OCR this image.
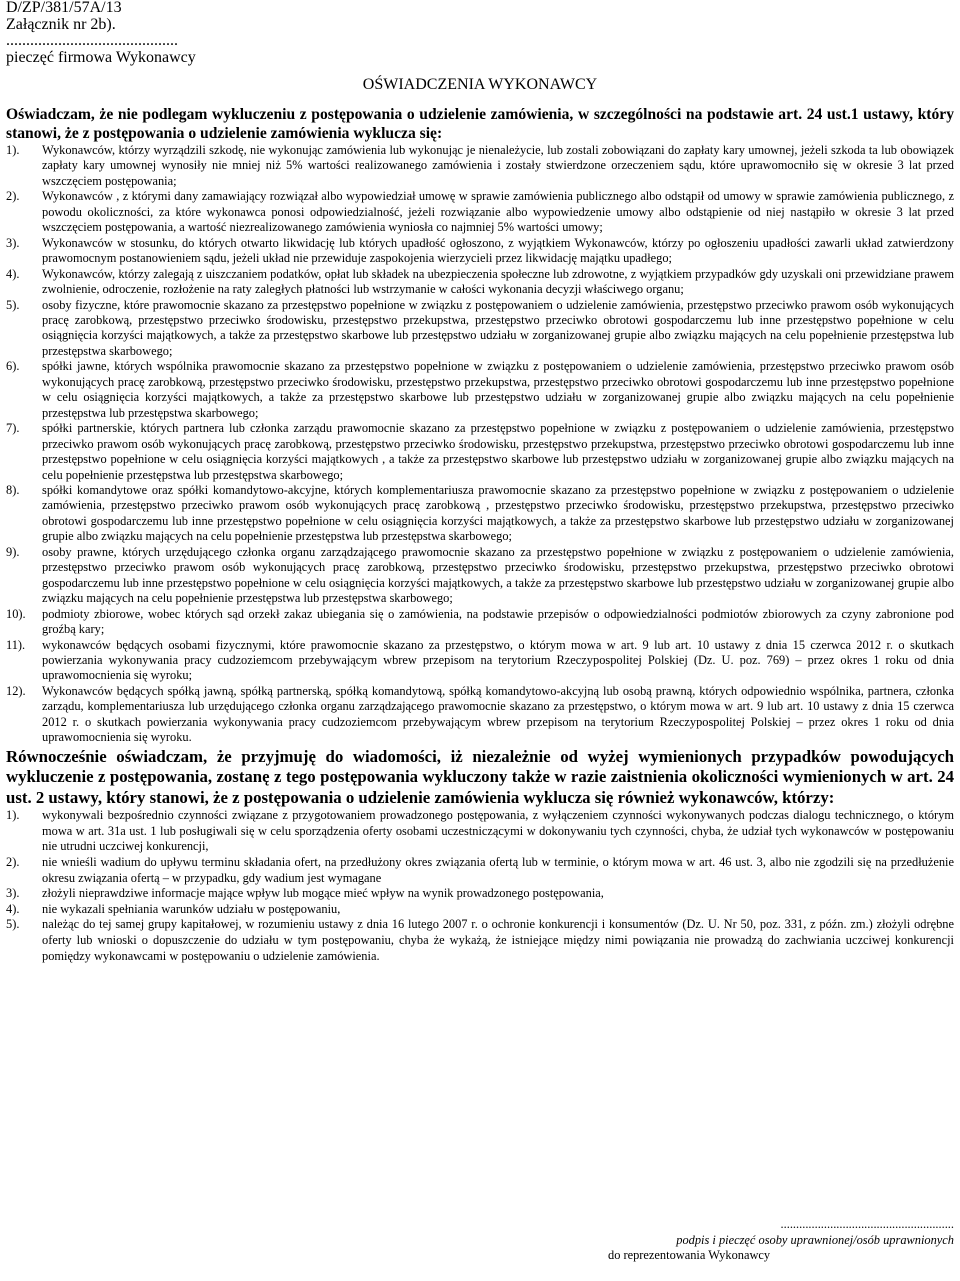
D/ZP/381/57A/13
Załącznik nr 2b).
...........................................
pieczęć firmowa Wykonawcy
OŚWIADCZENIA WYKONAWCY
Oświadczam, że nie podlegam wykluczeniu z postępowania o udzielenie zamówienia, w szczególności na podstawie art. 24 ust.1 ustawy, który stanowi, że z postępowania o udzielenie zamówienia wyklucza się:
1).	Wykonawców, którzy wyrządzili szkodę, nie wykonując zamówienia lub wykonując je nienależycie, lub zostali zobowiązani do zapłaty kary umownej, jeżeli szkoda ta lub obowiązek zapłaty kary umownej wynosiły nie mniej niż 5% wartości realizowanego zamówienia i zostały stwierdzone orzeczeniem sądu, które uprawomocniło się w okresie 3 lat przed wszczęciem postępowania;
2).	Wykonawców , z którymi dany zamawiający rozwiązał albo wypowiedział umowę w sprawie zamówienia publicznego albo odstąpił od umowy w sprawie zamówienia publicznego, z powodu okoliczności, za które wykonawca ponosi odpowiedzialność, jeżeli rozwiązanie albo wypowiedzenie umowy albo odstąpienie od niej nastąpiło w okresie 3 lat przed wszczęciem postępowania, a wartość niezrealizowanego zamówienia wyniosła co najmniej 5% wartości umowy;
3).	Wykonawców w stosunku, do których otwarto likwidację lub których upadłość ogłoszono, z wyjątkiem Wykonawców, którzy po ogłoszeniu upadłości zawarli układ zatwierdzony prawomocnym postanowieniem sądu, jeżeli układ nie przewiduje zaspokojenia wierzycieli przez likwidację majątku upadłego;
4).	Wykonawców, którzy zalegają z uiszczaniem podatków, opłat lub składek na ubezpieczenia społeczne lub zdrowotne, z wyjątkiem przypadków gdy uzyskali oni przewidziane prawem zwolnienie, odroczenie, rozłożenie na raty zaległych płatności lub wstrzymanie w całości wykonania decyzji właściwego organu;
5).	osoby fizyczne, które prawomocnie skazano za przestępstwo popełnione w związku z postępowaniem o udzielenie zamówienia, przestępstwo przeciwko prawom osób wykonujących pracę zarobkową, przestępstwo przeciwko środowisku, przestępstwo przekupstwa, przestępstwo przeciwko obrotowi gospodarczemu lub inne przestępstwo popełnione w celu osiągnięcia korzyści majątkowych, a także za przestępstwo skarbowe lub przestępstwo udziału w zorganizowanej grupie albo związku mających na celu popełnienie przestępstwa lub przestępstwa skarbowego;
6).	spółki jawne, których wspólnika prawomocnie skazano za przestępstwo popełnione w związku z postępowaniem o udzielenie zamówienia, przestępstwo przeciwko prawom osób wykonujących pracę zarobkową, przestępstwo przeciwko środowisku, przestępstwo przekupstwa, przestępstwo przeciwko obrotowi gospodarczemu lub inne przestępstwo popełnione w celu osiągnięcia korzyści majątkowych, a także za przestępstwo skarbowe lub przestępstwo udziału w zorganizowanej grupie albo związku mających na celu popełnienie przestępstwa lub przestępstwa skarbowego;
7).	spółki partnerskie, których partnera lub członka zarządu prawomocnie skazano za przestępstwo popełnione w związku z postępowaniem o udzielenie zamówienia, przestępstwo przeciwko prawom osób wykonujących pracę zarobkową, przestępstwo przeciwko środowisku, przestępstwo przekupstwa, przestępstwo przeciwko obrotowi gospodarczemu lub inne przestępstwo popełnione w celu osiągnięcia korzyści majątkowych , a także za przestępstwo skarbowe lub przestępstwo udziału w zorganizowanej grupie albo związku mających na celu popełnienie przestępstwa lub przestępstwa skarbowego;
8).	spółki komandytowe oraz spółki komandytowo-akcyjne, których komplementariusza prawomocnie skazano za przestępstwo popełnione w związku z postępowaniem o udzielenie zamówienia, przestępstwo przeciwko prawom osób wykonujących pracę zarobkową , przestępstwo przeciwko środowisku, przestępstwo przekupstwa, przestępstwo przeciwko obrotowi gospodarczemu lub inne przestępstwo popełnione w celu osiągnięcia korzyści majątkowych, a także za przestępstwo skarbowe lub przestępstwo udziału w zorganizowanej grupie albo związku mających na celu popełnienie przestępstwa lub przestępstwa skarbowego;
9).	osoby prawne, których urzędującego członka organu zarządzającego prawomocnie skazano za przestępstwo popełnione w związku z postępowaniem o udzielenie zamówienia, przestępstwo przeciwko prawom osób wykonujących pracę zarobkową, przestępstwo przeciwko środowisku, przestępstwo przekupstwa, przestępstwo przeciwko obrotowi gospodarczemu lub inne przestępstwo popełnione w celu osiągnięcia korzyści majątkowych, a także za przestępstwo skarbowe lub przestępstwo udziału w zorganizowanej grupie albo związku mających na celu popełnienie przestępstwa lub przestępstwa skarbowego;
10).	podmioty zbiorowe, wobec których sąd orzekł zakaz ubiegania się o zamówienia, na podstawie przepisów o odpowiedzialności podmiotów zbiorowych za czyny zabronione pod groźbą kary;
11).	wykonawców będących osobami fizycznymi, które prawomocnie skazano za przestępstwo, o którym mowa w art. 9 lub art. 10 ustawy z dnia 15 czerwca 2012 r. o skutkach powierzania wykonywania pracy cudzoziemcom przebywającym wbrew przepisom na terytorium Rzeczypospolitej Polskiej (Dz. U. poz. 769) – przez okres 1 roku od dnia uprawomocnienia się wyroku;
12).	Wykonawców będących spółką jawną, spółką partnerską, spółką komandytową, spółką komandytowo-akcyjną lub osobą prawną, których odpowiednio wspólnika, partnera, członka zarządu, komplementariusza lub urzędującego członka organu zarządzającego prawomocnie skazano za przestępstwo, o którym mowa w art. 9 lub art. 10 ustawy z dnia 15 czerwca 2012 r. o skutkach powierzania wykonywania pracy cudzoziemcom przebywającym wbrew przepisom na terytorium Rzeczypospolitej Polskiej – przez okres 1 roku od dnia uprawomocnienia się wyroku.
Równocześnie oświadczam, że przyjmuję do wiadomości, iż niezależnie od wyżej wymienionych przypadków powodujących wykluczenie z postępowania, zostanę z tego postępowania wykluczony także w razie zaistnienia okoliczności wymienionych w art. 24 ust. 2 ustawy, który stanowi, że z postępowania o udzielenie zamówienia wyklucza się również wykonawców, którzy:
1).	wykonywali bezpośrednio czynności związane z przygotowaniem prowadzonego postępowania, z wyłączeniem czynności wykonywanych podczas dialogu technicznego, o którym mowa w art. 31a ust. 1 lub posługiwali się w celu sporządzenia oferty osobami uczestniczącymi w dokonywaniu tych czynności, chyba, że udział tych wykonawców w postępowaniu nie utrudni uczciwej konkurencji,
2).	nie wnieśli wadium do upływu terminu składania ofert, na przedłużony okres związania ofertą lub w terminie, o którym mowa w art. 46 ust. 3, albo nie zgodzili się na przedłużenie okresu związania ofertą – w przypadku, gdy wadium jest wymagane
3).	złożyli nieprawdziwe informacje mające wpływ lub mogące mieć wpływ na wynik prowadzonego postępowania,
4).	nie wykazali spełniania warunków udziału w postępowaniu,
5).	należąc do tej samej grupy kapitałowej, w rozumieniu ustawy z dnia 16 lutego 2007 r. o ochronie konkurencji i konsumentów (Dz. U. Nr 50, poz. 331, z późn. zm.) złożyli odrębne oferty lub wnioski o dopuszczenie do udziału w tym postępowaniu, chyba że wykażą, że istniejące między nimi powiązania nie prowadzą do zachwiania uczciwej konkurencji pomiędzy wykonawcami w postępowaniu o udzielenie zamówienia.
........................................................
podpis i pieczęć osoby uprawnionej/osób uprawnionych
do reprezentowania Wykonawcy
